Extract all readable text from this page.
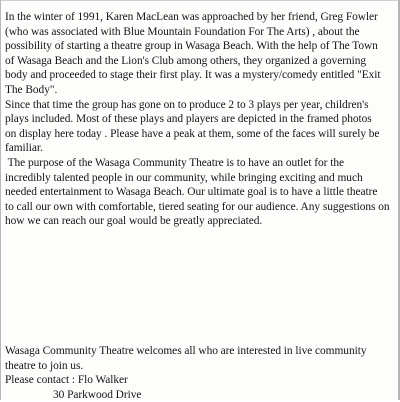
In the winter of 1991, Karen MacLean was approached by her friend, Greg Fowler

(who was associated with Blue Mountain Foundation For The Arts) , about the

possibility of starting a theatre group in Wasaga Beach. With the help of The Town

of Wasaga Beach and the Lion's Club among others, they organized a governing

body and proceeded to stage their first play. It was a mystery/comedy entitled "Exit

The Body".

Since that time the group has gone on to produce 2 to 3 plays per year, children's

plays included. Most of these plays and players are depicted in the framed photos

on display here today . Please have a peak at them, some of the faces will surely be

familiar.

The purpose of the Wasaga Community Theatre is to have an outlet for the

incredibly talented people in our community, while bringing exciting and much

needed entertainment to Wasaga Beach. Our ultimate goal is to have a little theatre

to call our own with comfortable, tiered seating for our audience. Any suggestions on

how we can reach our goal would be greatly appreciated.

Wasaga Community Theatre welcomes all who are interested in live community

theatre to join us.

Please contact : Flo Walker

30 Parkwood Drive
